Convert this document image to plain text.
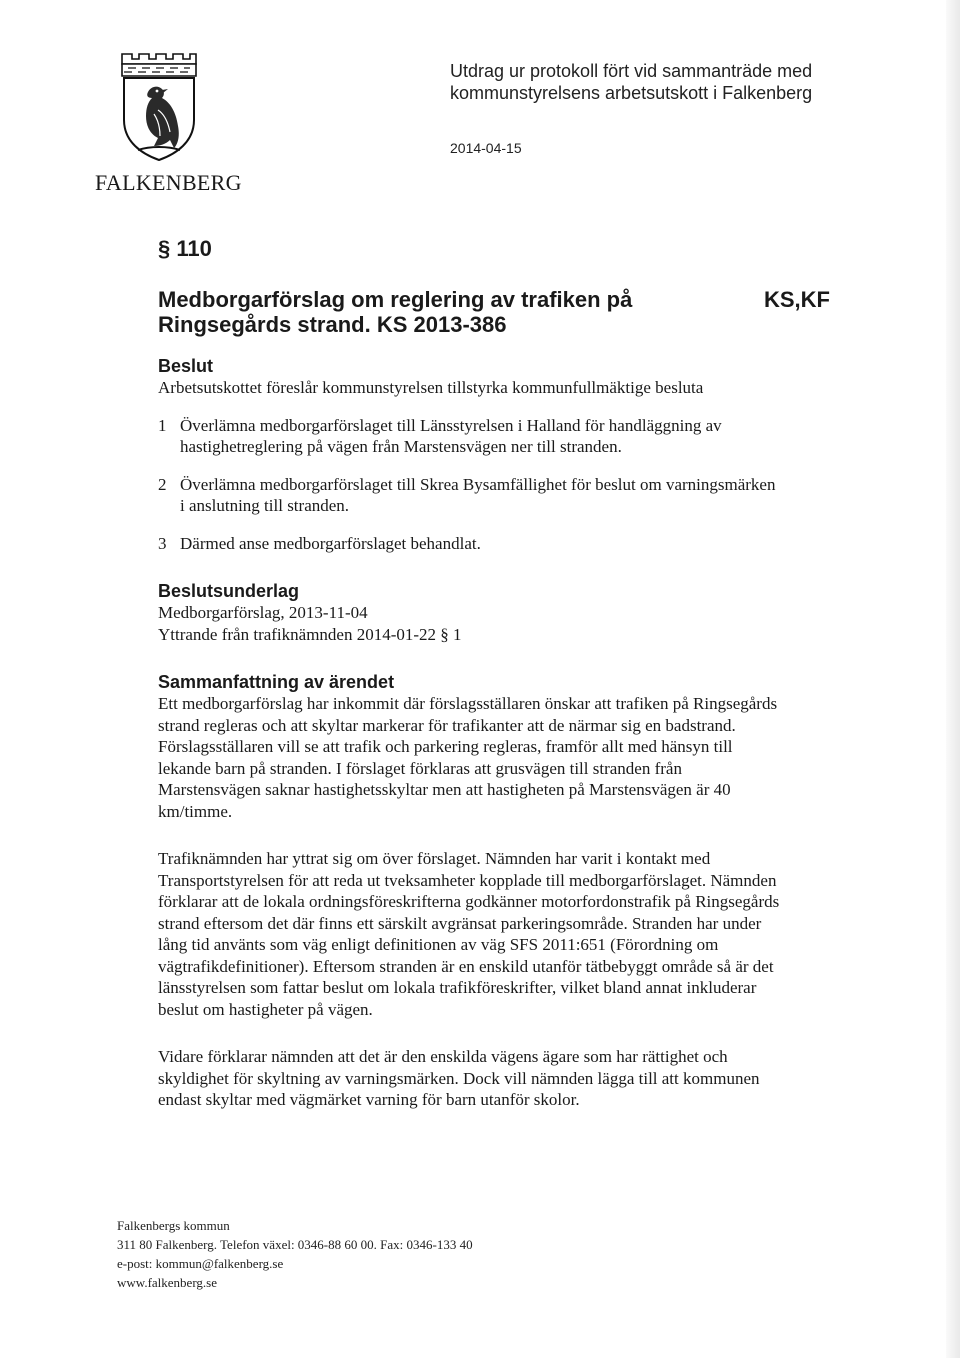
FALKENBERG
Utdrag ur protokoll fört vid sammanträde med
kommunstyrelsens arbetsutskott i Falkenberg
2014-04-15
§ 110
Medborgarförslag om reglering av trafiken på
Ringsegårds strand. KS 2013-386
KS,KF
Beslut

Arbetsutskottet föreslår kommunstyrelsen tillstyrka kommunfullmäktige besluta

1 Överlämna medborgarförslaget till Länsstyrelsen i Halland för handläggning av
hastighetreglering på vägen från Marstensvägen ner till stranden.
2 Överlämna medborgarförslaget till Skrea Bysamfällighet för beslut om varningsmärken
i anslutning till stranden.
3 Därmed anse medborgarförslaget behandlat.
Beslutsunderlag

Medborgarförslag, 2013-11-04

Yttrande från trafiknämnden 2014-01-22 § 1

Sammanfattning av ärendet

Ett medborgarförslag har inkommit där förslagsställaren önskar att trafiken på Ringsegårds

strand regleras och att skyltar markerar för trafikanter att de närmar sig en badstrand.

Förslagsställaren vill se att trafik och parkering regleras, framför allt med hänsyn till

lekande barn på stranden. I förslaget förklaras att grusvägen till stranden från

Marstensvägen saknar hastighetsskyltar men att hastigheten på Marstensvägen är 40

km/timme.

Trafiknämnden har yttrat sig om över förslaget. Nämnden har varit i kontakt med

Transportstyrelsen för att reda ut tveksamheter kopplade till medborgarförslaget. Nämnden

förklarar att de lokala ordningsföreskrifterna godkänner motorfordonstrafik på Ringsegårds

strand eftersom det där finns ett särskilt avgränsat parkeringsområde. Stranden har under

lång tid använts som väg enligt definitionen av väg SFS 2011:651 (Förordning om

vägtrafikdefinitioner). Eftersom stranden är en enskild utanför tätbebyggt område så är det

länsstyrelsen som fattar beslut om lokala trafikföreskrifter, vilket bland annat inkluderar

beslut om hastigheter på vägen.

Vidare förklarar nämnden att det är den enskilda vägens ägare som har rättighet och

skyldighet för skyltning av varningsmärken. Dock vill nämnden lägga till att kommunen

endast skyltar med vägmärket varning för barn utanför skolor.

Falkenbergs kommun
311 80 Falkenberg. Telefon växel: 0346-88 60 00. Fax: 0346-133 40
e-post: kommun@falkenberg.se
www.falkenberg.se
